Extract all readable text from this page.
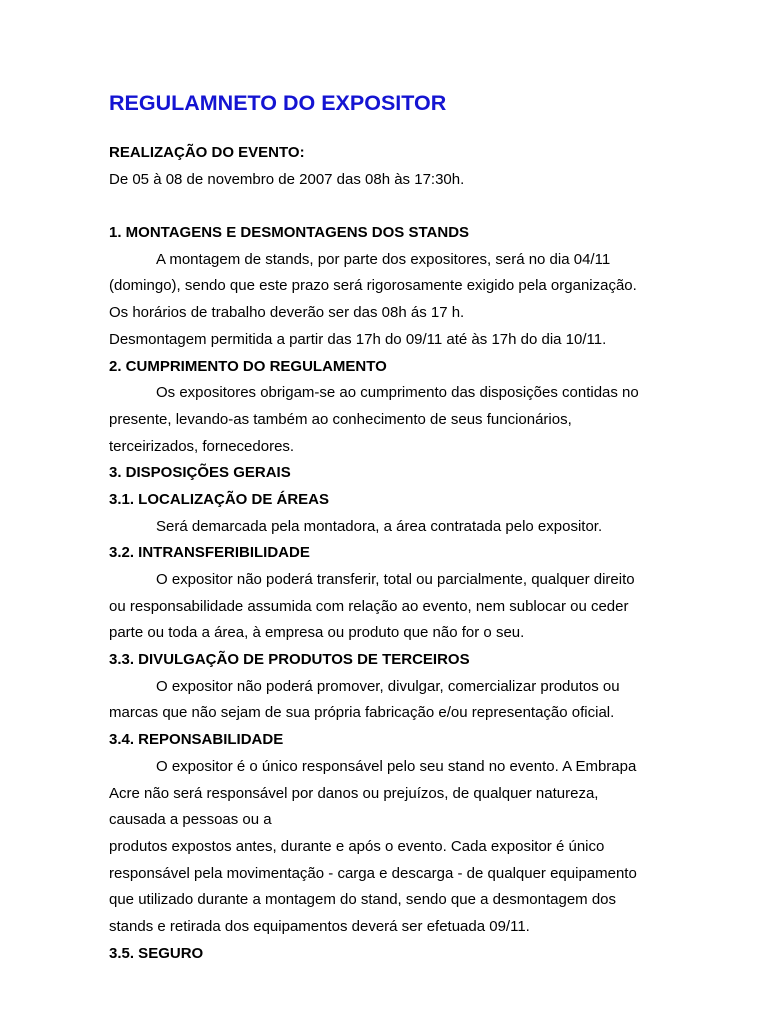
REGULAMNETO DO EXPOSITOR
REALIZAÇÃO DO EVENTO:
De 05 à 08 de novembro de 2007 das 08h às 17:30h.
1. MONTAGENS E DESMONTAGENS DOS STANDS
A montagem de stands, por parte dos expositores, será no dia 04/11
(domingo), sendo que este prazo será rigorosamente exigido pela organização.
Os horários de trabalho deverão ser das 08h ás 17 h.
Desmontagem permitida a partir das 17h do 09/11 até às 17h do dia 10/11.
2. CUMPRIMENTO DO REGULAMENTO
Os expositores obrigam-se ao cumprimento das disposições contidas no
presente, levando-as também ao conhecimento de seus funcionários,
terceirizados, fornecedores.
3. DISPOSIÇÕES GERAIS
3.1. LOCALIZAÇÃO DE ÁREAS
Será demarcada pela montadora, a área contratada pelo expositor.
3.2. INTRANSFERIBILIDADE
O expositor não poderá transferir, total ou parcialmente, qualquer direito
ou responsabilidade assumida com relação ao evento, nem sublocar ou ceder
parte ou toda a área, à empresa ou produto que não for o seu.
3.3. DIVULGAÇÃO DE PRODUTOS DE TERCEIROS
O expositor não poderá promover, divulgar, comercializar produtos ou
marcas que não sejam de sua própria fabricação e/ou representação oficial.
3.4. REPONSABILIDADE
O expositor é o único responsável pelo seu stand no evento. A Embrapa
Acre não será responsável por danos ou prejuízos, de qualquer natureza,
causada a pessoas ou a
produtos expostos antes, durante e após o evento. Cada expositor é único
responsável pela movimentação - carga e descarga - de qualquer equipamento
que utilizado durante a montagem do stand, sendo que a desmontagem dos
stands e retirada dos equipamentos deverá ser efetuada 09/11.
3.5. SEGURO
